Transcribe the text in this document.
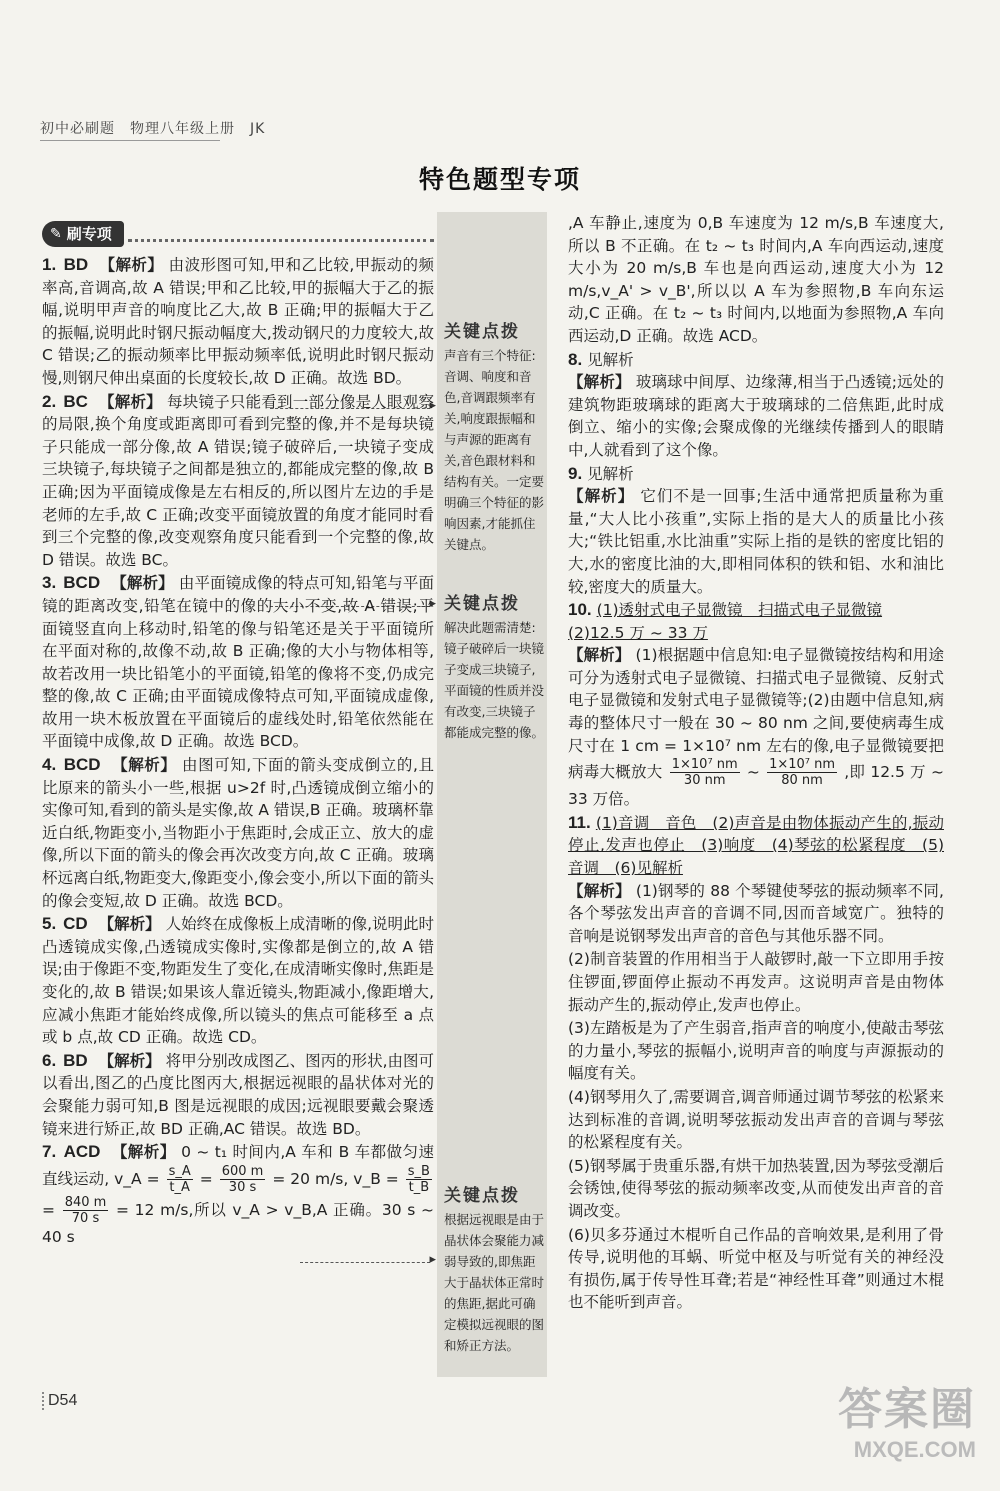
初中必刷题　物理八年级上册　JK
特色题型专项
关键点拨
声音有三个特征:音调、响度和音色,音调跟频率有关,响度跟振幅和与声源的距离有关,音色跟材料和结构有关。一定要明确三个特征的影响因素,才能抓住关键点。
关键点拨
解决此题需清楚:镜子破碎后一块镜子变成三块镜子,平面镜的性质并没有改变,三块镜子都能成完整的像。
关键点拨
根据远视眼是由于晶状体会聚能力减弱导致的,即焦距大于晶状体正常时的焦距,据此可确定模拟远视眼的图和矫正方法。
▸
▸
▸
✎ 刷专项
1. BD 【解析】 由波形图可知,甲和乙比较,甲振动的频率高,音调高,故 A 错误;甲和乙比较,甲的振幅大于乙的振幅,说明甲声音的响度比乙大,故 B 正确;甲的振幅大于乙的振幅,说明此时钢尺振动幅度大,拨动钢尺的力度较大,故 C 错误;乙的振动频率比甲振动频率低,说明此时钢尺振动慢,则钢尺伸出桌面的长度较长,故 D 正确。故选 BD。
2. BC 【解析】 每块镜子只能看到一部分像是人眼观察的局限,换个角度或距离即可看到完整的像,并不是每块镜子只能成一部分像,故 A 错误;镜子破碎后,一块镜子变成三块镜子,每块镜子之间都是独立的,都能成完整的像,故 B 正确;因为平面镜成像是左右相反的,所以图片左边的手是老师的左手,故 C 正确;改变平面镜放置的角度才能同时看到三个完整的像,改变观察角度只能看到一个完整的像,故 D 错误。故选 BC。
3. BCD 【解析】 由平面镜成像的特点可知,铅笔与平面镜的距离改变,铅笔在镜中的像的大小不变,故 A 错误;平面镜竖直向上移动时,铅笔的像与铅笔还是关于平面镜所在平面对称的,故像不动,故 B 正确;像的大小与物体相等,故若改用一块比铅笔小的平面镜,铅笔的像将不变,仍成完整的像,故 C 正确;由平面镜成像特点可知,平面镜成虚像,故用一块木板放置在平面镜后的虚线处时,铅笔依然能在平面镜中成像,故 D 正确。故选 BCD。
4. BCD 【解析】 由图可知,下面的箭头变成倒立的,且比原来的箭头小一些,根据 u>2f 时,凸透镜成倒立缩小的实像可知,看到的箭头是实像,故 A 错误,B 正确。玻璃杯靠近白纸,物距变小,当物距小于焦距时,会成正立、放大的虚像,所以下面的箭头的像会再次改变方向,故 C 正确。玻璃杯远离白纸,物距变大,像距变小,像会变小,所以下面的箭头的像会变短,故 D 正确。故选 BCD。
5. CD 【解析】 人始终在成像板上成清晰的像,说明此时凸透镜成实像,凸透镜成实像时,实像都是倒立的,故 A 错误;由于像距不变,物距发生了变化,在成清晰实像时,焦距是变化的,故 B 错误;如果该人靠近镜头,物距减小,像距增大,应减小焦距才能始终成像,所以镜头的焦点可能移至 a 点或 b 点,故 CD 正确。故选 CD。
6. BD 【解析】 将甲分别改成图乙、图丙的形状,由图可以看出,图乙的凸度比图丙大,根据远视眼的晶状体对光的会聚能力弱可知,B 图是远视眼的成因;远视眼要戴会聚透镜来进行矫正,故 BD 正确,AC 错误。故选 BD。
7. ACD 【解析】 0 ~ t₁ 时间内,A 车和 B 车都做匀速直线运动, v_A = $\frac{s\_A}{t\_A} = \frac{600 m}{30 s} = 20$ m/s, v_B = $\frac{s\_B}{t\_B}$
= $\frac{840 m}{70 s} = 12$ m/s,所以 v_A > v_B,A 正确。30 s ~ 40 s
,A 车静止,速度为 0,B 车速度为 12 m/s,B 车速度大,所以 B 不正确。在 t₂ ~ t₃ 时间内,A 车向西运动,速度大小为 20 m/s,B 车也是向西运动,速度大小为 12 m/s,v_A' > v_B',所以以 A 车为参照物,B 车向东运动,C 正确。在 t₂ ~ t₃ 时间内,以地面为参照物,A 车向西运动,D 正确。故选 ACD。
8. 见解析
【解析】 玻璃球中间厚、边缘薄,相当于凸透镜;远处的建筑物距玻璃球的距离大于玻璃球的二倍焦距,此时成倒立、缩小的实像;会聚成像的光继续传播到人的眼睛中,人就看到了这个像。
9. 见解析
【解析】 它们不是一回事;生活中通常把质量称为重量,“大人比小孩重”,实际上指的是大人的质量比小孩大;“铁比铝重,水比油重”实际上指的是铁的密度比铝的大,水的密度比油的大,即相同体积的铁和铝、水和油比较,密度大的质量大。
10. (1)透射式电子显微镜　扫描式电子显微镜
(2)12.5 万 ~ 33 万
【解析】 (1)根据题中信息知:电子显微镜按结构和用途可分为透射式电子显微镜、扫描式电子显微镜、反射式电子显微镜和发射式电子显微镜等;(2)由题中信息知,病毒的整体尺寸一般在 30 ~ 80 nm 之间,要使病毒生成尺寸在 1 cm = 1×10⁷ nm 左右的像,电子显微镜要把病毒大概放大 $\frac{\text{1×10⁷ nm}}{30 nm}$ ~ $\frac{\text{1×10⁷ nm}}{80 nm}$ ,即 12.5 万 ~ 33 万倍。
11. (1)音调　音色　(2)声音是由物体振动产生的,振动停止,发声也停止　(3)响度　(4)琴弦的松紧程度　(5)音调　(6)见解析
【解析】 (1)钢琴的 88 个琴键使琴弦的振动频率不同,各个琴弦发出声音的音调不同,因而音域宽广。独特的音响是说钢琴发出声音的音色与其他乐器不同。
(2)制音装置的作用相当于人敲锣时,敲一下立即用手按住锣面,锣面停止振动不再发声。这说明声音是由物体振动产生的,振动停止,发声也停止。
(3)左踏板是为了产生弱音,指声音的响度小,使敲击琴弦的力量小,琴弦的振幅小,说明声音的响度与声源振动的幅度有关。
(4)钢琴用久了,需要调音,调音师通过调节琴弦的松紧来达到标准的音调,说明琴弦振动发出声音的音调与琴弦的松紧程度有关。
(5)钢琴属于贵重乐器,有烘干加热装置,因为琴弦受潮后会锈蚀,使得琴弦的振动频率改变,从而使发出声音的音调改变。
(6)贝多芬通过木棍听自己作品的音响效果,是利用了骨传导,说明他的耳蜗、听觉中枢及与听觉有关的神经没有损伤,属于传导性耳聋;若是“神经性耳聋”则通过木棍也不能听到声音。
D54	答案圈
MXQE.COM
